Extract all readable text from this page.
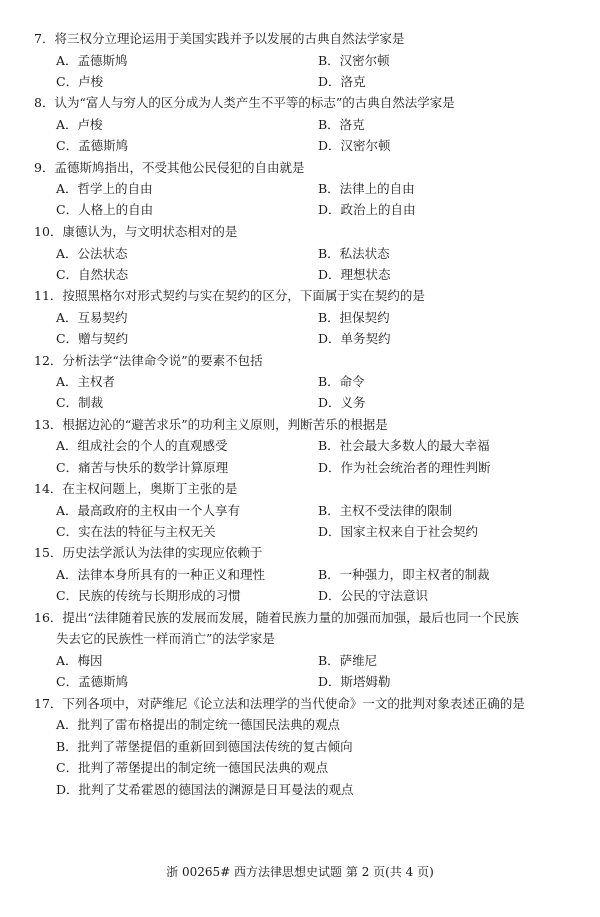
7．将三权分立理论运用于美国实践并予以发展的古典自然法学家是
A．孟德斯鸠	B．汉密尔顿
C．卢梭	D．洛克
8．认为“富人与穷人的区分成为人类产生不平等的标志”的古典自然法学家是
A．卢梭	B．洛克
C．孟德斯鸠	D．汉密尔顿
9．孟德斯鸠指出，不受其他公民侵犯的自由就是
A．哲学上的自由	B．法律上的自由
C．人格上的自由	D．政治上的自由
10．康德认为，与文明状态相对的是
A．公法状态	B．私法状态
C．自然状态	D．理想状态
11．按照黑格尔对形式契约与实在契约的区分，下面属于实在契约的是
A．互易契约	B．担保契约
C．赠与契约	D．单务契约
12．分析法学“法律命令说”的要素不包括
A．主权者	B．命令
C．制裁	D．义务
13．根据边沁的“避苦求乐”的功利主义原则，判断苦乐的根据是
A．组成社会的个人的直观感受	B．社会最大多数人的最大幸福
C．痛苦与快乐的数学计算原理	D．作为社会统治者的理性判断
14．在主权问题上，奥斯丁主张的是
A．最高政府的主权由一个人享有	B．主权不受法律的限制
C．实在法的特征与主权无关	D．国家主权来自于社会契约
15．历史法学派认为法律的实现应依赖于
A．法律本身所具有的一种正义和理性	B．一种强力，即主权者的制裁
C．民族的传统与长期形成的习惯	D．公民的守法意识
16．提出“法律随着民族的发展而发展，随着民族力量的加强而加强，最后也同一个民族
失去它的民族性一样而消亡”的法学家是
A．梅因	B．萨维尼
C．孟德斯鸠	D．斯塔姆勒
17．下列各项中，对萨维尼《论立法和法理学的当代使命》一文的批判对象表述正确的是
A．批判了雷布格提出的制定统一德国民法典的观点
B．批判了蒂堡提倡的重新回到德国法传统的复古倾向
C．批判了蒂堡提出的制定统一德国民法典的观点
D．批判了艾希霍恩的德国法的渊源是日耳曼法的观点
浙 00265# 西方法律思想史试题 第 2 页(共 4 页)
